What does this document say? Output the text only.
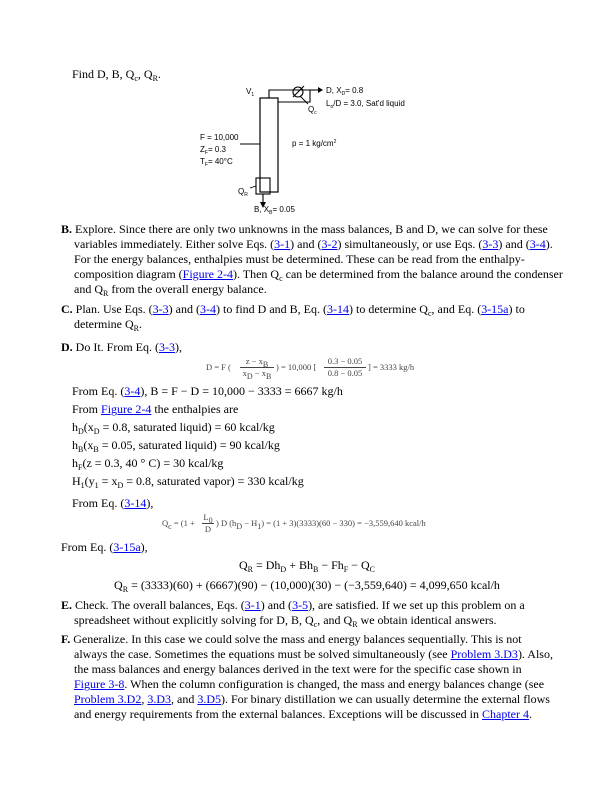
Find D, B, $Q_c$, $Q_R$.
$V_1$
$Q_c$
D, $X_D= 0.8$
$L_o/D = 3.0$, Sat'd liquid
F = 10,000
$Z_F= 0.3$
$T_F= 40^\circ C$
p = 1 $kg/cm^2$
$Q_R$
B, $X_B= 0.05$
B. Explore. Since there are only two unknowns in the mass balances, B and D, we can solve for these variables immediately. Either solve Eqs. (3-1) and (3-2) simultaneously, or use Eqs. (3-3) and (3-4). For the energy balances, enthalpies must be determined. These can be read from the enthalpy-composition diagram (Figure 2-4). Then $Q_c$ can be determined from the balance around the condenser and $Q_R$ from the overall energy balance.
C. Plan. Use Eqs. (3-3) and (3-4) to find D and B, Eq. (3-14) to determine $Q_c$, and Eq. (3-15a) to determine $Q_R$.
D. Do It. From Eq. (3-3),
D = F (
$z - x_B$
$x_D - x_B$
) = 10,000 [
0.3 − 0.05
0.8 − 0.05
] = 3333 kg/h
From Eq. (3-4), B = F − D = 10,000 − 3333 = 6667 kg/h
From Figure 2-4 the enthalpies are
$h_D(x_D = 0.8$, saturated liquid) = 60 kcal/kg
$h_B(x_B = 0.05$, saturated liquid) = 90 kcal/kg
$h_F(z = 0.3$, 40 ° C) = 30 kcal/kg
$H_1(y_1 = x_D = 0.8$, saturated vapor) = 330 kcal/kg
From Eq. (3-14),
$Q_c = (1$ +
$L_0$
D
) D $(h_D - H_1) = (1 + 3)(3333)(60 - 330) = -3,559,640$ kcal/h
From Eq. (3-15a),
$Q_R = Dh_D + Bh_B - Fh_F - Q_C$
$Q_R = (3333)(60) + (6667)(90) - (10,000)(30) - (-3,559,640) = 4,099,650$ kcal/h
E. Check. The overall balances, Eqs. (3-1) and (3-5), are satisfied. If we set up this problem on a spreadsheet without explicitly solving for D, B, $Q_c$, and $Q_R$ we obtain identical answers.
F. Generalize. In this case we could solve the mass and energy balances sequentially. This is not always the case. Sometimes the equations must be solved simultaneously (see Problem 3.D3). Also, the mass balances and energy balances derived in the text were for the specific case shown in Figure 3-8. When the column configuration is changed, the mass and energy balances change (see Problem 3.D2, 3.D3, and 3.D5). For binary distillation we can usually determine the external flows and energy requirements from the external balances. Exceptions will be discussed in Chapter 4.
